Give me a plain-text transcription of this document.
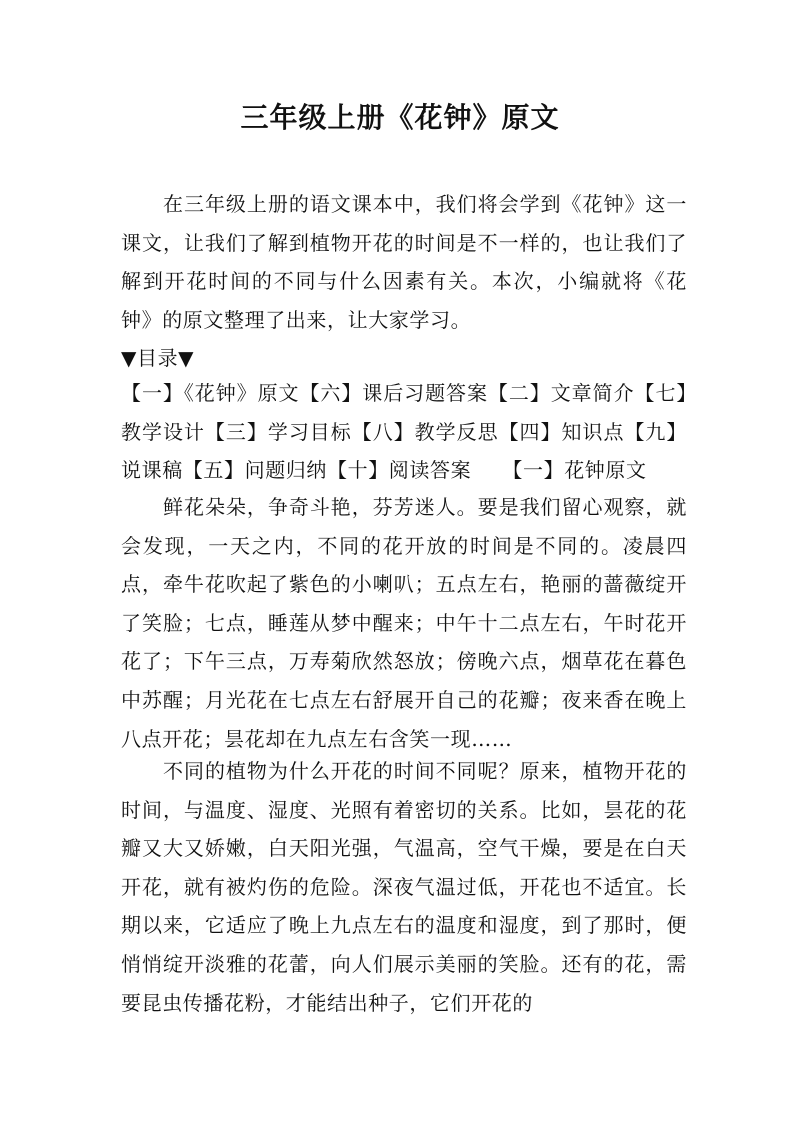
三年级上册《花钟》原文

在三年级上册的语文课本中，我们将会学到《花钟》这一课文，让我们了解到植物开花的时间是不一样的，也让我们了解到开花时间的不同与什么因素有关。本次，小编就将《花钟》的原文整理了出来，让大家学习。

▼目录▼

【一】《花钟》原文【六】课后习题答案【二】文章简介【七】教学设计【三】学习目标【八】教学反思【四】知识点【九】说课稿【五】问题归纳【十】阅读答案　　【一】花钟原文

鲜花朵朵，争奇斗艳，芬芳迷人。要是我们留心观察，就会发现，一天之内，不同的花开放的时间是不同的。凌晨四点，牵牛花吹起了紫色的小喇叭；五点左右，艳丽的蔷薇绽开了笑脸；七点，睡莲从梦中醒来；中午十二点左右，午时花开花了；下午三点，万寿菊欣然怒放；傍晚六点，烟草花在暮色中苏醒；月光花在七点左右舒展开自己的花瓣；夜来香在晚上八点开花；昙花却在九点左右含笑一现……

不同的植物为什么开花的时间不同呢？原来，植物开花的时间，与温度、湿度、光照有着密切的关系。比如，昙花的花瓣又大又娇嫩，白天阳光强，气温高，空气干燥，要是在白天开花，就有被灼伤的危险。深夜气温过低，开花也不适宜。长期以来，它适应了晚上九点左右的温度和湿度，到了那时，便悄悄绽开淡雅的花蕾，向人们展示美丽的笑脸。还有的花，需要昆虫传播花粉，才能结出种子，它们开花的
